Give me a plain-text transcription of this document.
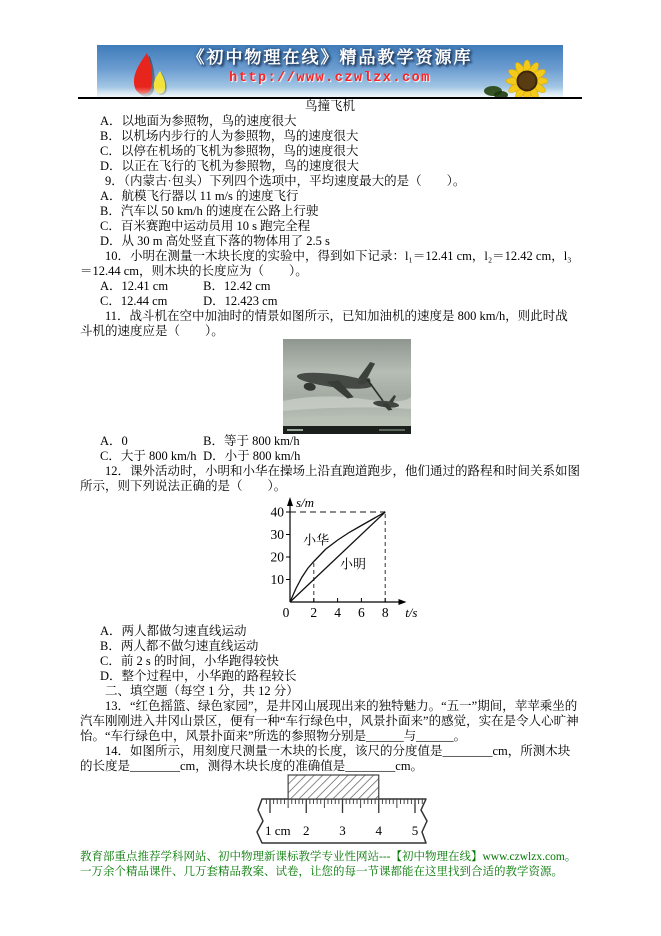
《初中物理在线》精品教学资源库
http://www.czwlzx.com

鸟撞飞机

A．以地面为参照物，鸟的速度很大

B．以机场内步行的人为参照物，鸟的速度很大

C．以停在机场的飞机为参照物，鸟的速度很大

D．以正在飞行的飞机为参照物，鸟的速度很大

9．（内蒙古·包头）下列四个选项中，平均速度最大的是（　　）。

A．航模飞行器以 11 m/s 的速度飞行

B．汽车以 50 km/h 的速度在公路上行驶

C．百米赛跑中运动员用 10 s 跑完全程

D．从 30 m 高处竖直下落的物体用了 2.5 s

10．小明在测量一木块长度的实验中，得到如下记录：l₁＝12.41 cm，l₂＝12.42 cm，l₃＝12.44 cm，则木块的长度应为（　　）。

A．12.41 cm	B．12.42 cm

C．12.44 cm	D．12.423 cm

11．战斗机在空中加油时的情景如图所示，已知加油机的速度是 800 km/h，则此时战斗机的速度应是（　　）。

A．0	B．等于 800 km/h

C．大于 800 km/h D．小于 800 km/h

12．课外活动时，小明和小华在操场上沿直跑道跑步，他们通过的路程和时间关系如图所示，则下列说法正确的是（　　）。

10
20
30
40
0 2 4 6 8
小华
小明
s/m
t/s

A．两人都做匀速直线运动

B．两人都不做匀速直线运动

C．前 2 s 的时间，小华跑得较快

D．整个过程中，小华跑的路程较长

二、填空题（每空 1 分，共 12 分）

13．“红色摇篮、绿色家园”，是井冈山展现出来的独特魅力。“五一”期间，苹苹乘坐的汽车刚刚进入井冈山景区，便有一种“车行绿色中，风景扑面来”的感觉，实在是令人心旷神怡。“车行绿色中，风景扑面来”所选的参照物分别是______与______。

14．如图所示，用刻度尺测量一木块的长度，该尺的分度值是________cm，所测木块的长度是________cm，测得木块长度的准确值是________cm。

1 cm 2 3 4 5
教育部重点推荐学科网站、初中物理新课标教学专业性网站---【初中物理在线】www.czwlzx.com。一万余个精品课件、几万套精品教案、试卷，让您的每一节课都能在这里找到合适的教学资源。
